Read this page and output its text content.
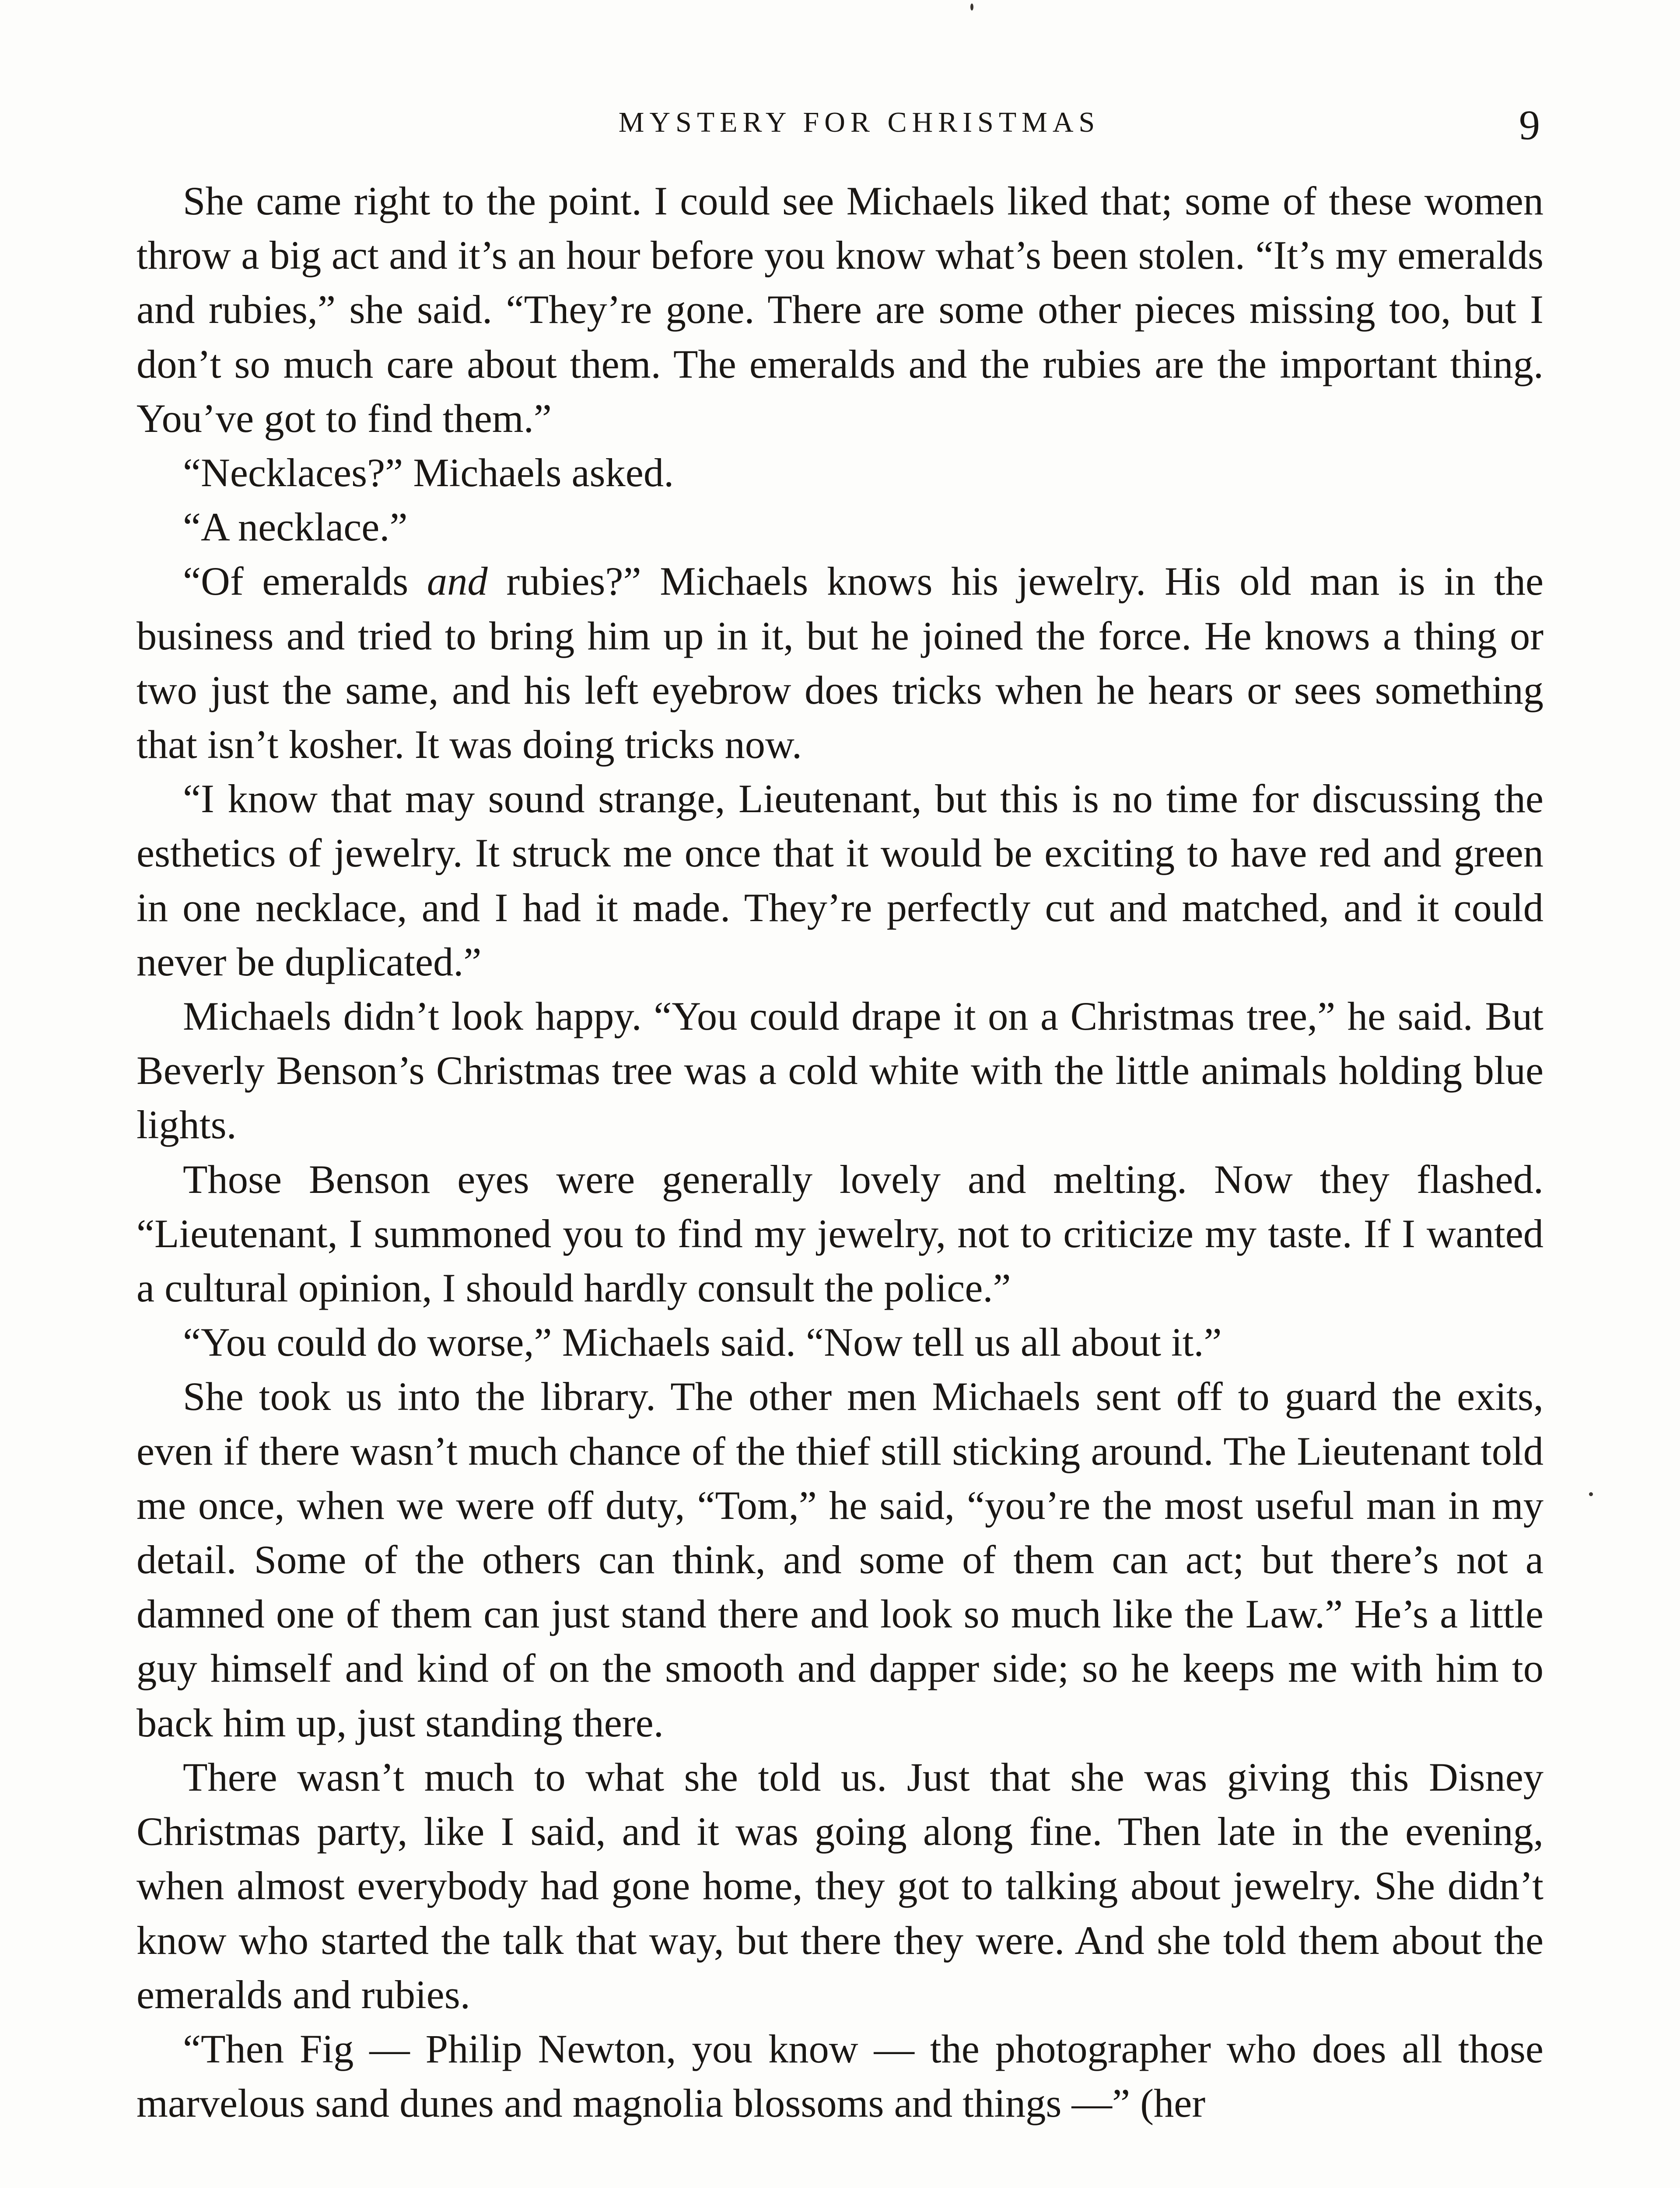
MYSTERY FOR CHRISTMAS	9

She came right to the point. I could see Michaels liked that; some of these women throw a big act and it’s an hour before you know what’s been stolen. “It’s my emeralds and rubies,” she said. “They’re gone. There are some other pieces missing too, but I don’t so much care about them. The emeralds and the rubies are the important thing. You’ve got to find them.”

“Necklaces?” Michaels asked.

“A necklace.”

“Of emeralds and rubies?” Michaels knows his jewelry. His old man is in the business and tried to bring him up in it, but he joined the force. He knows a thing or two just the same, and his left eyebrow does tricks when he hears or sees something that isn’t kosher. It was doing tricks now.

“I know that may sound strange, Lieutenant, but this is no time for discussing the esthetics of jewelry. It struck me once that it would be exciting to have red and green in one necklace, and I had it made. They’re perfectly cut and matched, and it could never be duplicated.”

Michaels didn’t look happy. “You could drape it on a Christmas tree,” he said. But Beverly Benson’s Christmas tree was a cold white with the little animals holding blue lights.

Those Benson eyes were generally lovely and melting. Now they flashed. “Lieutenant, I summoned you to find my jewelry, not to criticize my taste. If I wanted a cultural opinion, I should hardly consult the police.”

“You could do worse,” Michaels said. “Now tell us all about it.”

She took us into the library. The other men Michaels sent off to guard the exits, even if there wasn’t much chance of the thief still sticking around. The Lieutenant told me once, when we were off duty, “Tom,” he said, “you’re the most useful man in my detail. Some of the others can think, and some of them can act; but there’s not a damned one of them can just stand there and look so much like the Law.” He’s a little guy himself and kind of on the smooth and dapper side; so he keeps me with him to back him up, just standing there.

There wasn’t much to what she told us. Just that she was giving this Disney Christmas party, like I said, and it was going along fine. Then late in the evening, when almost everybody had gone home, they got to talking about jewelry. She didn’t know who started the talk that way, but there they were. And she told them about the emeralds and rubies.

“Then Fig — Philip Newton, you know — the photographer who does all those marvelous sand dunes and magnolia blossoms and things —” (her
